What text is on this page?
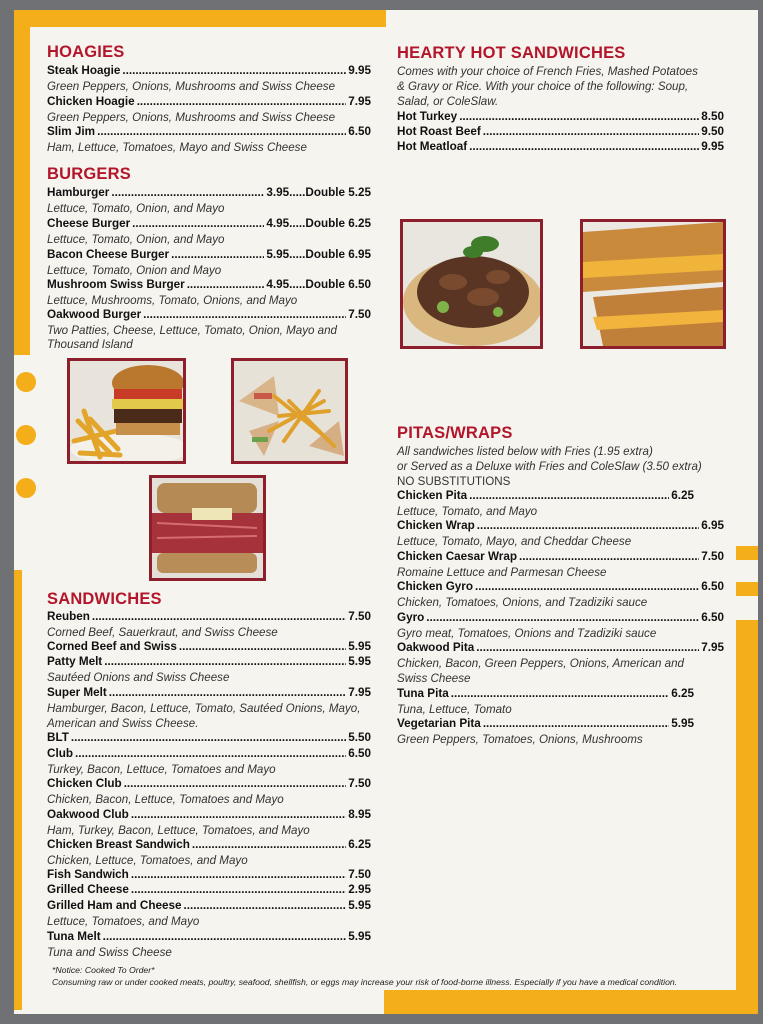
HOAGIES
Steak Hoagie .....	9.95
Green Peppers, Onions, Mushrooms and Swiss Cheese
Chicken Hoagie .....	7.95
Green Peppers, Onions, Mushrooms and Swiss Cheese
Slim Jim .....	6.50
Ham, Lettuce, Tomatoes, Mayo and Swiss Cheese
BURGERS
Hamburger .....	3.95.....Double 5.25
Lettuce, Tomato, Onion, and Mayo
Cheese Burger .....	4.95.....Double 6.25
Lettuce, Tomato, Onion, and Mayo
Bacon Cheese Burger .....	5.95.....Double 6.95
Lettuce, Tomato, Onion and Mayo
Mushroom Swiss Burger .....	4.95.....Double 6.50
Lettuce, Mushrooms, Tomato, Onions, and Mayo
Oakwood Burger .....	7.50
Two Patties, Cheese, Lettuce, Tomato, Onion, Mayo and
Thousand Island
SANDWICHES
Reuben .....	7.50
Corned Beef, Sauerkraut, and Swiss Cheese
Corned Beef and Swiss .....	5.95
Patty Melt .....	5.95
Sautéed Onions and Swiss Cheese
Super Melt .....	7.95
Hamburger, Bacon, Lettuce, Tomato, Sautéed Onions, Mayo,
American and Swiss Cheese.
BLT .....	5.50
Club .....	6.50
Turkey, Bacon, Lettuce, Tomatoes and Mayo
Chicken Club .....	7.50
Chicken, Bacon, Lettuce, Tomatoes and Mayo
Oakwood Club .....	8.95
Ham, Turkey, Bacon, Lettuce, Tomatoes, and Mayo
Chicken Breast Sandwich .....	6.25
Chicken, Lettuce, Tomatoes, and Mayo
Fish Sandwich .....	7.50
Grilled Cheese .....	2.95
Grilled Ham and Cheese .....	5.95
Lettuce, Tomatoes, and Mayo
Tuna Melt .....	5.95
Tuna and Swiss Cheese
*Notice: Cooked To Order*
Consuming raw or under cooked meats, poultry, seafood, shellfish, or eggs may increase your risk of food-borne illness. Especially if you have a medical condition.
HEARTY HOT SANDWICHES
Comes with your choice of French Fries, Mashed Potatoes
& Gravy or Rice. With your choice of the following: Soup,
Salad, or ColeSlaw.
Hot Turkey .....	8.50
Hot Roast Beef .....	9.50
Hot Meatloaf .....	9.95
PITAS/WRAPS
All sandwiches listed below with Fries (1.95 extra)
or Served as a Deluxe with Fries and ColeSlaw (3.50 extra)
NO SUBSTITUTIONS
Chicken Pita .....	6.25
Lettuce, Tomato, and Mayo
Chicken Wrap .....	6.95
Lettuce, Tomato, Mayo, and Cheddar Cheese
Chicken Caesar Wrap .....	7.50
Romaine Lettuce and Parmesan Cheese
Chicken Gyro .....	6.50
Chicken, Tomatoes, Onions, and Tzadiziki sauce
Gyro .....	6.50
Gyro meat, Tomatoes, Onions and Tzadiziki sauce
Oakwood Pita .....	7.95
Chicken, Bacon, Green Peppers, Onions, American and
Swiss Cheese
Tuna Pita .....	6.25
Tuna, Lettuce, Tomato
Vegetarian Pita .....	5.95
Green Peppers, Tomatoes, Onions, Mushrooms
